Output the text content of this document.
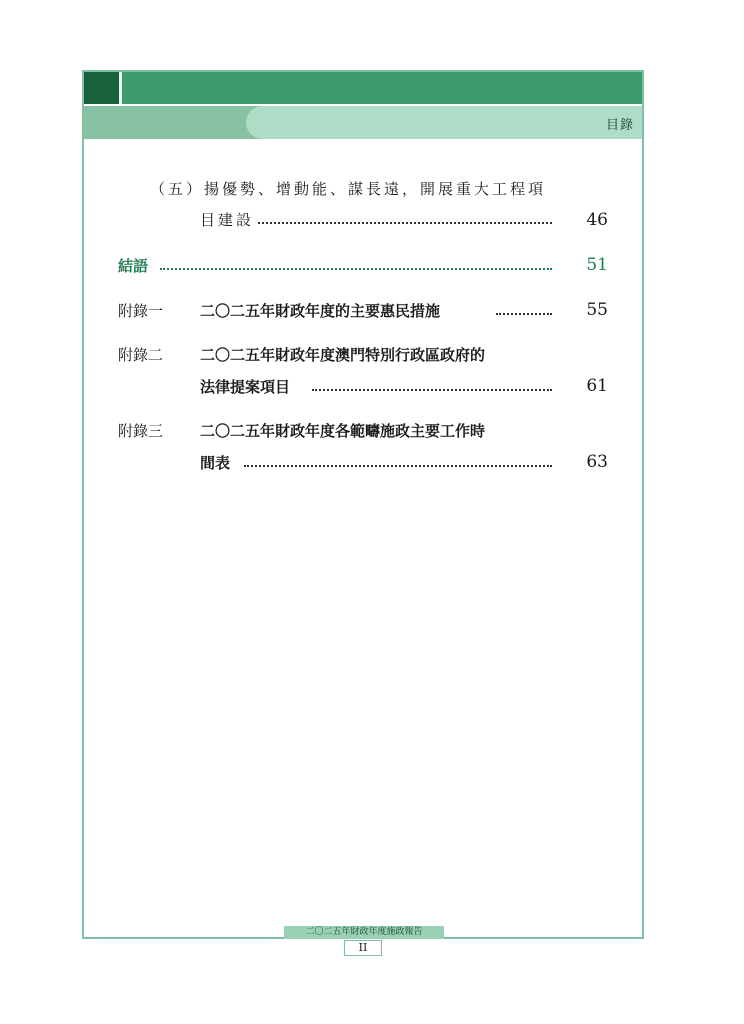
目錄
（五）揚優勢、增動能、謀長遠，開展重大工程項
目建設	46
結語	51
附錄一 二〇二五年財政年度的主要惠民措施	55
附錄二 二〇二五年財政年度澳門特別行政區政府的
法律提案項目	61
附錄三 二〇二五年財政年度各範疇施政主要工作時
間表	63
二〇二五年財政年度施政報告
II
